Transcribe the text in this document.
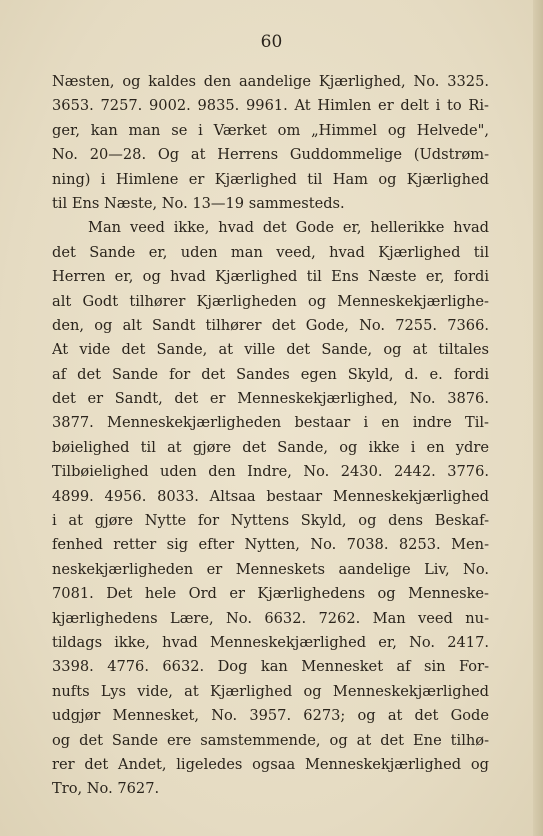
60
Næsten, og kaldes den aandelige Kjærlighed, No. 3325.
3653. 7257. 9002. 9835. 9961. At Himlen er delt i to Ri-
ger, kan man se i Værket om „Himmel og Helvede",
No. 20—28. Og at Herrens Guddommelige (Udstrøm-
ning) i Himlene er Kjærlighed til Ham og Kjærlighed
til Ens Næste, No. 13—19 sammesteds.
Man veed ikke, hvad det Gode er, hellerikke hvad
det Sande er, uden man veed, hvad Kjærlighed til
Herren er, og hvad Kjærlighed til Ens Næste er, fordi
alt Godt tilhører Kjærligheden og Menneskekjærlighe-
den, og alt Sandt tilhører det Gode, No. 7255. 7366.
At vide det Sande, at ville det Sande, og at tiltales
af det Sande for det Sandes egen Skyld, d. e. fordi
det er Sandt, det er Menneskekjærlighed, No. 3876.
3877. Menneskekjærligheden bestaar i en indre Til-
bøielighed til at gjøre det Sande, og ikke i en ydre
Tilbøielighed uden den Indre, No. 2430. 2442. 3776.
4899. 4956. 8033. Altsaa bestaar Menneskekjærlighed
i at gjøre Nytte for Nyttens Skyld, og dens Beskaf-
fenhed retter sig efter Nytten, No. 7038. 8253. Men-
neskekjærligheden er Menneskets aandelige Liv, No.
7081. Det hele Ord er Kjærlighedens og Menneske-
kjærlighedens Lære, No. 6632. 7262. Man veed nu-
tildags ikke, hvad Menneskekjærlighed er, No. 2417.
3398. 4776. 6632. Dog kan Mennesket af sin For-
nufts Lys vide, at Kjærlighed og Menneskekjærlighed
udgjør Mennesket, No. 3957. 6273; og at det Gode
og det Sande ere samstemmende, og at det Ene tilhø-
rer det Andet, ligeledes ogsaa Menneskekjærlighed og
Tro, No. 7627.
